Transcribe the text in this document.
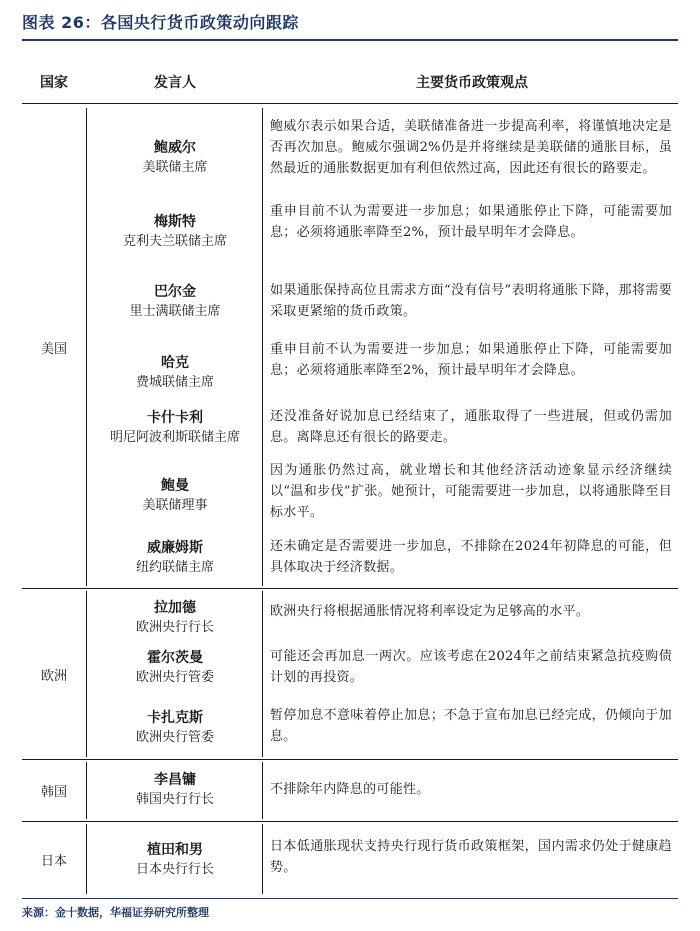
图表 26：各国央行货币政策动向跟踪
国家	发言人	主要货币政策观点
美国
欧洲
韩国
日本
鲍威尔
美联储主席
鲍威尔表示如果合适，美联储准备进一步提高利率，将谨慎地决定是否再次加息。鲍威尔强调2%仍是并将继续是美联储的通胀目标，虽然最近的通胀数据更加有利但依然过高，因此还有很长的路要走。
梅斯特
克利夫兰联储主席
重申目前不认为需要进一步加息；如果通胀停止下降，可能需要加息；必须将通胀率降至2%，预计最早明年才会降息。
巴尔金
里士满联储主席
如果通胀保持高位且需求方面“没有信号”表明将通胀下降，那将需要采取更紧缩的货币政策。
哈克
费城联储主席
重申目前不认为需要进一步加息；如果通胀停止下降，可能需要加息；必须将通胀率降至2%，预计最早明年才会降息。
卡什卡利
明尼阿波利斯联储主席
还没准备好说加息已经结束了，通胀取得了一些进展，但或仍需加息。离降息还有很长的路要走。
鲍曼
美联储理事
因为通胀仍然过高，就业增长和其他经济活动迹象显示经济继续以“温和步伐”扩张。她预计，可能需要进一步加息，以将通胀降至目标水平。
威廉姆斯
纽约联储主席
还未确定是否需要进一步加息，不排除在2024年初降息的可能，但具体取决于经济数据。
拉加德
欧洲央行行长
欧洲央行将根据通胀情况将利率设定为足够高的水平。
霍尔茨曼
欧洲央行管委
可能还会再加息一两次。应该考虑在2024年之前结束紧急抗疫购债计划的再投资。
卡扎克斯
欧洲央行管委
暂停加息不意味着停止加息；不急于宣布加息已经完成，仍倾向于加息。
李昌镛
韩国央行行长
不排除年内降息的可能性。
植田和男
日本央行行长
日本低通胀现状支持央行现行货币政策框架，国内需求仍处于健康趋势。
来源：金十数据，华福证券研究所整理
